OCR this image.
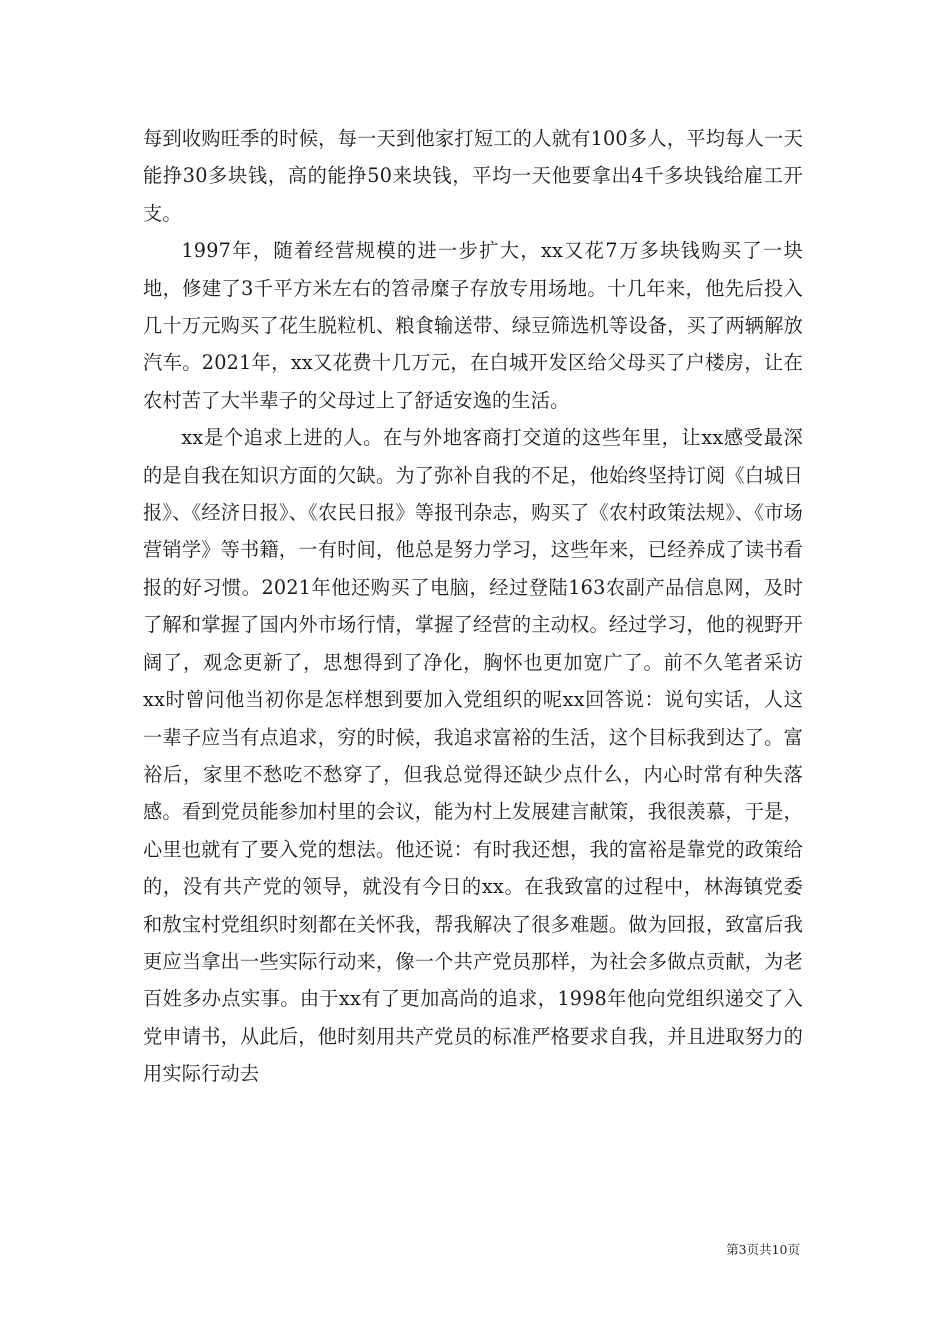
每到收购旺季的时候，每一天到他家打短工的人就有100多人，平均每人一天能挣30多块钱，高的能挣50来块钱，平均一天他要拿出4千多块钱给雇工开支。

1997年，随着经营规模的进一步扩大，xx又花7万多块钱购买了一块地，修建了3千平方米左右的笤帚糜子存放专用场地。十几年来，他先后投入几十万元购买了花生脱粒机、粮食输送带、绿豆筛选机等设备，买了两辆解放汽车。2021年，xx又花费十几万元，在白城开发区给父母买了户楼房，让在农村苦了大半辈子的父母过上了舒适安逸的生活。

xx是个追求上进的人。在与外地客商打交道的这些年里，让xx感受最深的是自我在知识方面的欠缺。为了弥补自我的不足，他始终坚持订阅《白城日报》、《经济日报》、《农民日报》等报刊杂志，购买了《农村政策法规》、《市场营销学》等书籍，一有时间，他总是努力学习，这些年来，已经养成了读书看报的好习惯。2021年他还购买了电脑，经过登陆163农副产品信息网，及时了解和掌握了国内外市场行情，掌握了经营的主动权。经过学习，他的视野开阔了，观念更新了，思想得到了净化，胸怀也更加宽广了。前不久笔者采访xx时曾问他当初你是怎样想到要加入党组织的呢xx回答说：说句实话，人这一辈子应当有点追求，穷的时候，我追求富裕的生活，这个目标我到达了。富裕后，家里不愁吃不愁穿了，但我总觉得还缺少点什么，内心时常有种失落感。看到党员能参加村里的会议，能为村上发展建言献策，我很羡慕，于是，心里也就有了要入党的想法。他还说：有时我还想，我的富裕是靠党的政策给的，没有共产党的领导，就没有今日的xx。在我致富的过程中，林海镇党委和敖宝村党组织时刻都在关怀我，帮我解决了很多难题。做为回报，致富后我更应当拿出一些实际行动来，像一个共产党员那样，为社会多做点贡献，为老百姓多办点实事。由于xx有了更加高尚的追求，1998年他向党组织递交了入党申请书，从此后，他时刻用共产党员的标准严格要求自我，并且进取努力的用实际行动去

第3页共10页
